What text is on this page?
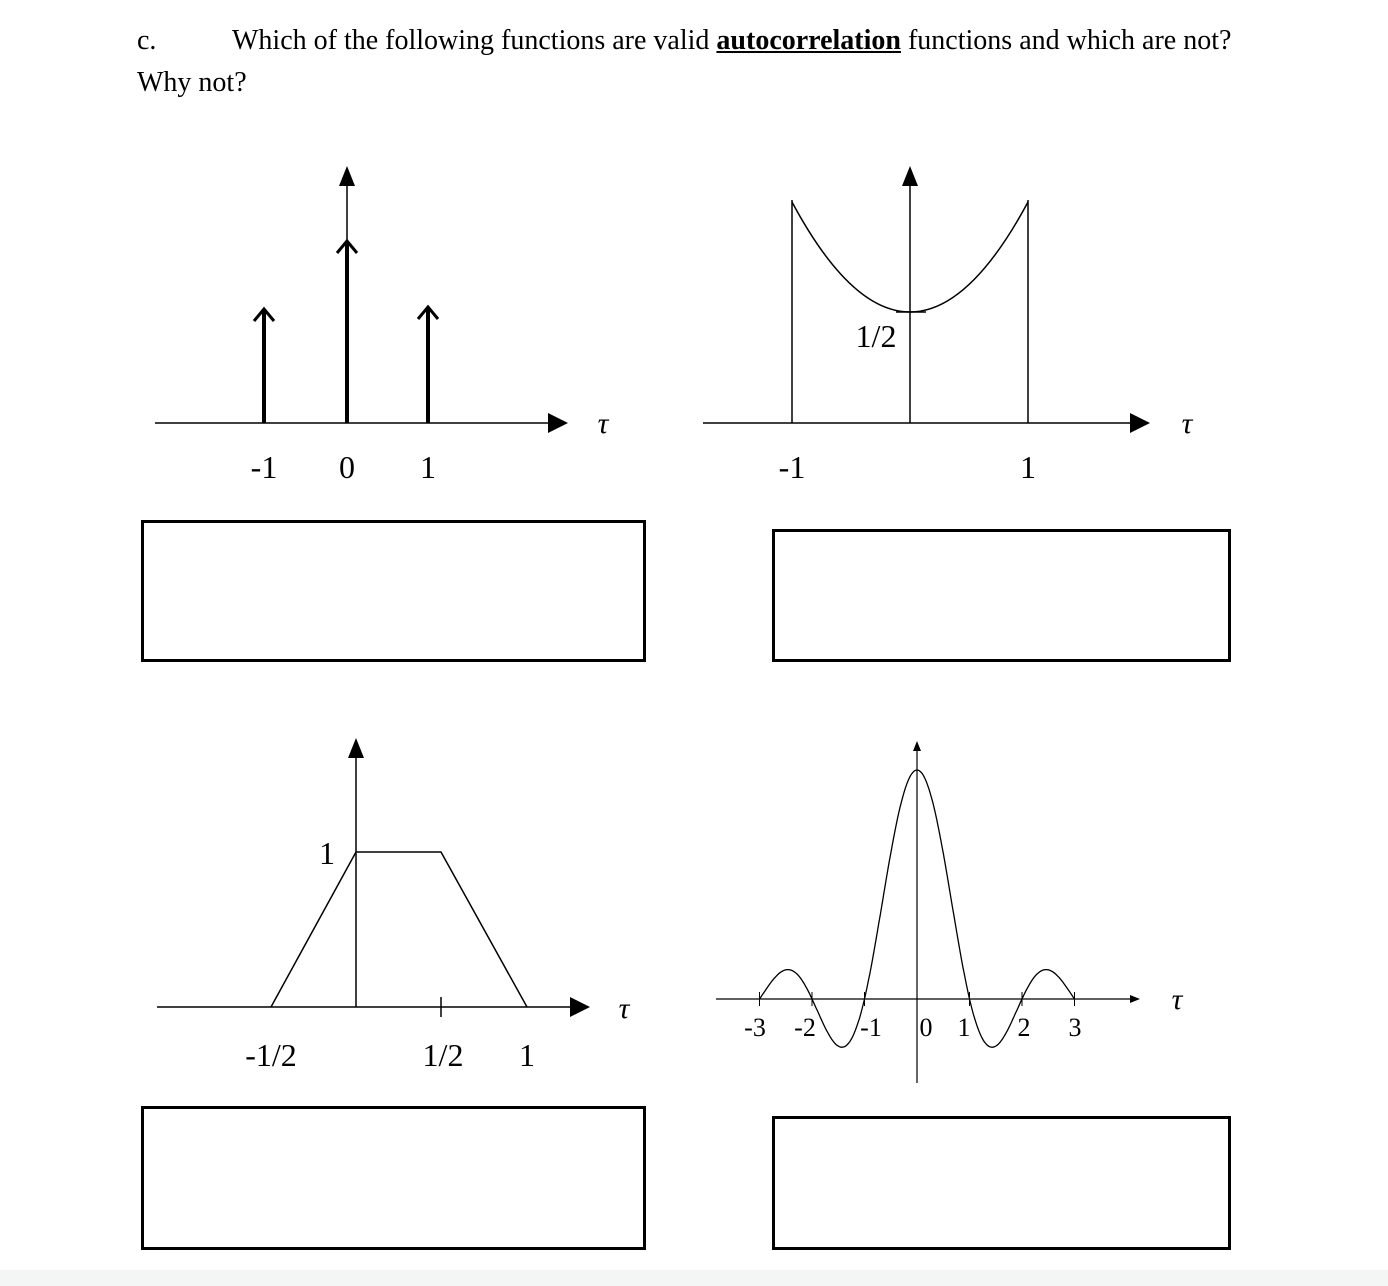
c.	Which of the following functions are valid autocorrelation functions and which are not?
Why not?
-1 0 1
τ
1/2
-1	1
τ
1
-1/2	1/2 1
τ
-3 -2 -1 0 1 2 3
τ
